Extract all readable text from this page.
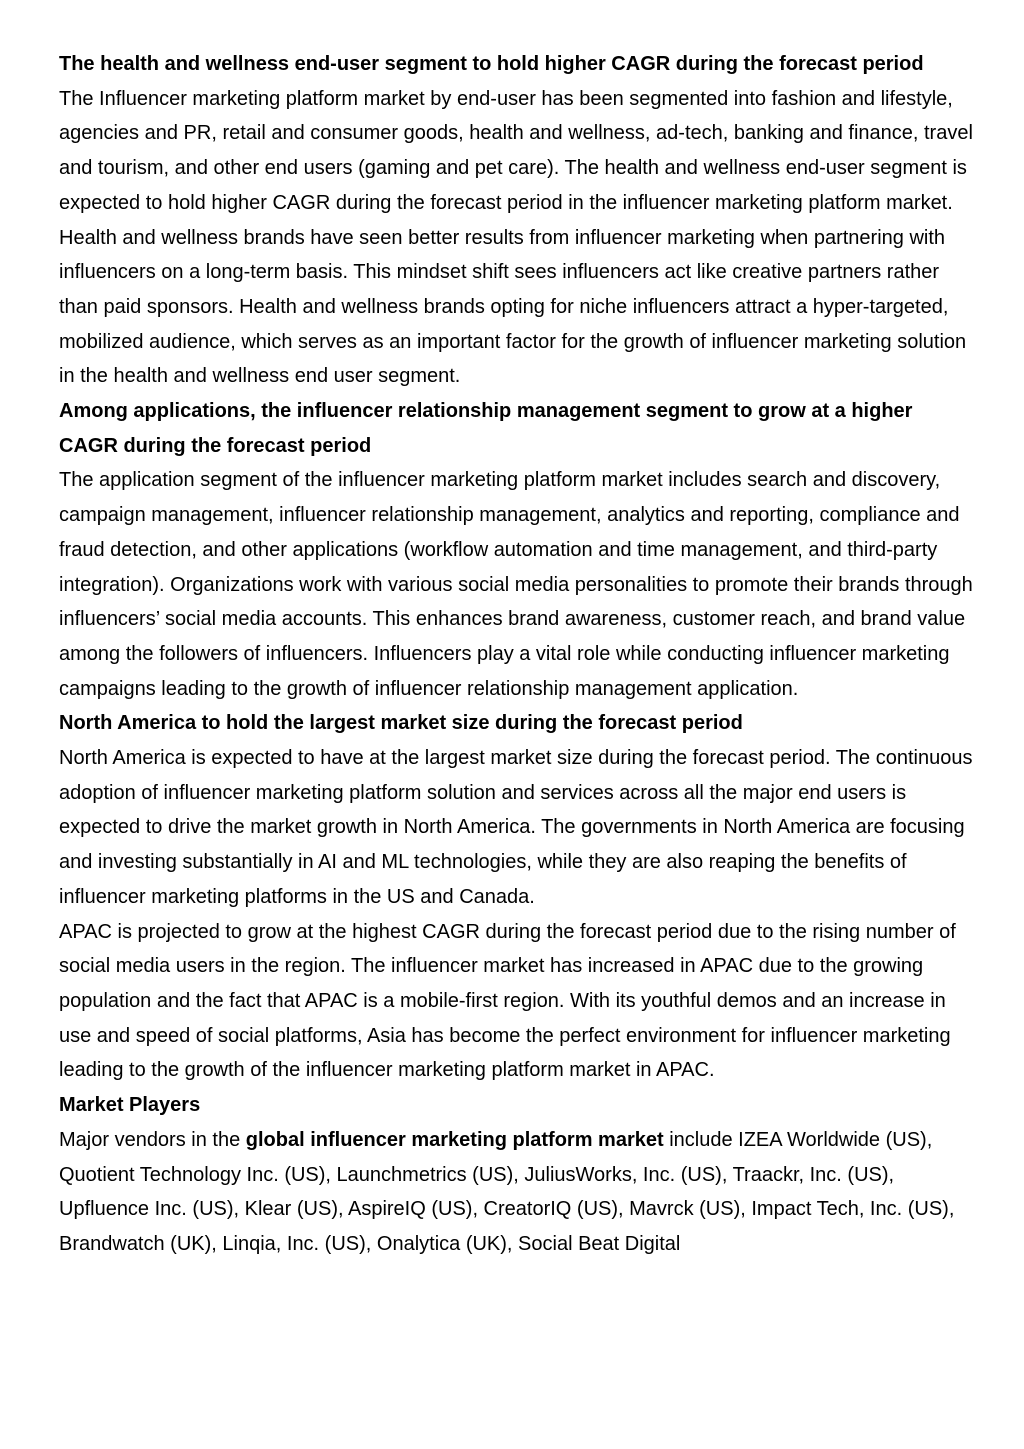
The health and wellness end-user segment to hold higher CAGR during the forecast period

The Influencer marketing platform market by end-user has been segmented into fashion and lifestyle, agencies and PR, retail and consumer goods, health and wellness, ad-tech, banking and finance, travel and tourism, and other end users (gaming and pet care). The health and wellness end-user segment is expected to hold higher CAGR during the forecast period in the influencer marketing platform market. Health and wellness brands have seen better results from influencer marketing when partnering with influencers on a long-term basis. This mindset shift sees influencers act like creative partners rather than paid sponsors. Health and wellness brands opting for niche influencers attract a hyper-targeted, mobilized audience, which serves as an important factor for the growth of influencer marketing solution in the health and wellness end user segment.

Among applications, the influencer relationship management segment to grow at a higher CAGR during the forecast period

The application segment of the influencer marketing platform market includes search and discovery, campaign management, influencer relationship management, analytics and reporting, compliance and fraud detection, and other applications (workflow automation and time management, and third-party integration). Organizations work with various social media personalities to promote their brands through influencers’ social media accounts. This enhances brand awareness, customer reach, and brand value among the followers of influencers. Influencers play a vital role while conducting influencer marketing campaigns leading to the growth of influencer relationship management application.

North America to hold the largest market size during the forecast period

North America is expected to have at the largest market size during the forecast period. The continuous adoption of influencer marketing platform solution and services across all the major end users is expected to drive the market growth in North America. The governments in North America are focusing and investing substantially in AI and ML technologies, while they are also reaping the benefits of influencer marketing platforms in the US and Canada.

APAC is projected to grow at the highest CAGR during the forecast period due to the rising number of social media users in the region. The influencer market has increased in APAC due to the growing population and the fact that APAC is a mobile-first region. With its youthful demos and an increase in use and speed of social platforms, Asia has become the perfect environment for influencer marketing leading to the growth of the influencer marketing platform market in APAC.

Market Players

Major vendors in the global influencer marketing platform market include IZEA Worldwide (US), Quotient Technology Inc. (US), Launchmetrics (US), JuliusWorks, Inc. (US), Traackr, Inc. (US), Upfluence Inc. (US), Klear (US), AspireIQ (US), CreatorIQ (US), Mavrck (US), Impact Tech, Inc. (US), Brandwatch (UK), Linqia, Inc. (US), Onalytica (UK), Social Beat Digital
